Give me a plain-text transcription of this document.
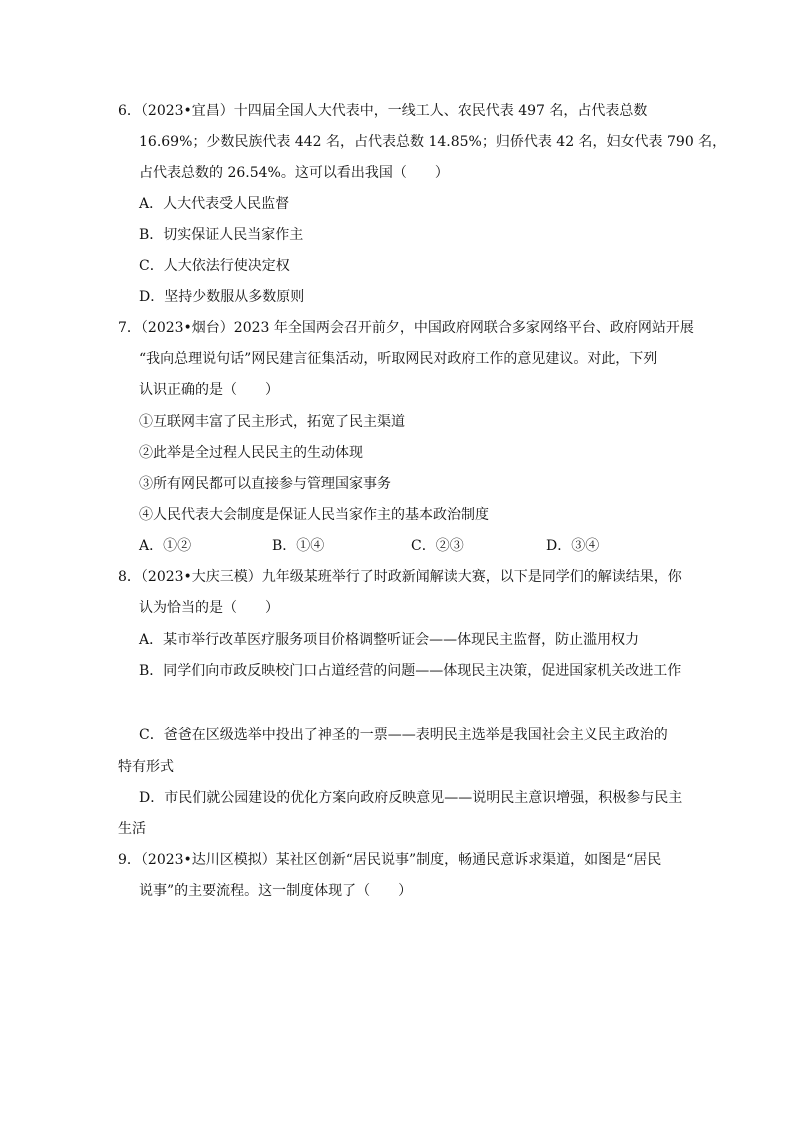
6．（2023•宜昌）十四届全国人大代表中，一线工人、农民代表 497 名，占代表总数
16.69%；少数民族代表 442 名，占代表总数 14.85%；归侨代表 42 名，妇女代表 790 名，
占代表总数的 26.54%。这可以看出我国（　　）
A．人大代表受人民监督
B．切实保证人民当家作主
C．人大依法行使决定权
D．坚持少数服从多数原则
7．（2023•烟台）2023 年全国两会召开前夕，中国政府网联合多家网络平台、政府网站开展
“我向总理说句话”网民建言征集活动，听取网民对政府工作的意见建议。对此，下列
认识正确的是（　　）
①互联网丰富了民主形式，拓宽了民主渠道
②此举是全过程人民民主的生动体现
③所有网民都可以直接参与管理国家事务
④人民代表大会制度是保证人民当家作主的基本政治制度
A．①②	B．①④	C．②③	D．③④
8．（2023•大庆三模）九年级某班举行了时政新闻解读大赛，以下是同学们的解读结果，你
认为恰当的是（　　）
A．某市举行改革医疗服务项目价格调整听证会——体现民主监督，防止滥用权力
B．同学们向市政反映校门口占道经营的问题——体现民主决策，促进国家机关改进工作
C．爸爸在区级选举中投出了神圣的一票——表明民主选举是我国社会主义民主政治的
特有形式
D．市民们就公园建设的优化方案向政府反映意见——说明民主意识增强，积极参与民主
生活
9．（2023•达川区模拟）某社区创新“居民说事”制度，畅通民意诉求渠道，如图是“居民
说事”的主要流程。这一制度体现了（　　）
